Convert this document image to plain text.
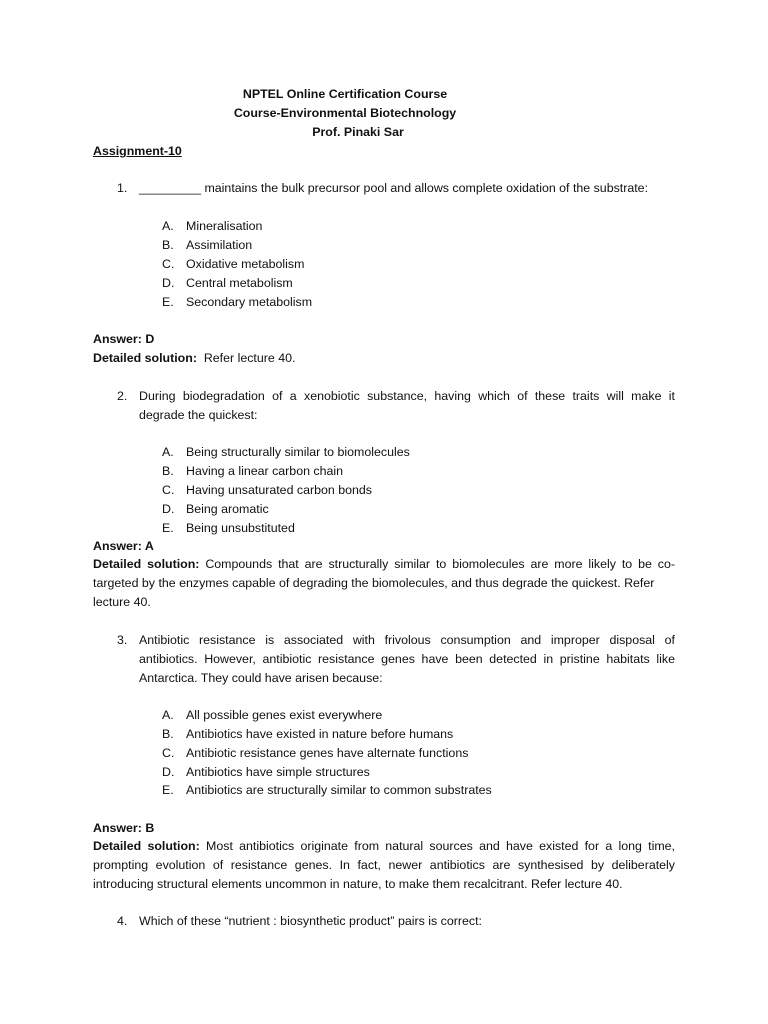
NPTEL Online Certification Course
Course-Environmental Biotechnology
Prof. Pinaki Sar
Assignment-10
1. _________ maintains the bulk precursor pool and allows complete oxidation of the substrate:
A. Mineralisation
B. Assimilation
C. Oxidative metabolism
D. Central metabolism
E. Secondary metabolism
Answer: D
Detailed solution: Refer lecture 40.
2. During biodegradation of a xenobiotic substance, having which of these traits will make it
degrade the quickest:
A. Being structurally similar to biomolecules
B. Having a linear carbon chain
C. Having unsaturated carbon bonds
D. Being aromatic
E. Being unsubstituted
Answer: A
Detailed solution: Compounds that are structurally similar to biomolecules are more likely to be co-
targeted by the enzymes capable of degrading the biomolecules, and thus degrade the quickest. Refer
lecture 40.
3. Antibiotic resistance is associated with frivolous consumption and improper disposal of
antibiotics. However, antibiotic resistance genes have been detected in pristine habitats like
Antarctica. They could have arisen because:
A. All possible genes exist everywhere
B. Antibiotics have existed in nature before humans
C. Antibiotic resistance genes have alternate functions
D. Antibiotics have simple structures
E. Antibiotics are structurally similar to common substrates
Answer: B
Detailed solution: Most antibiotics originate from natural sources and have existed for a long time,
prompting evolution of resistance genes. In fact, newer antibiotics are synthesised by deliberately
introducing structural elements uncommon in nature, to make them recalcitrant. Refer lecture 40.
4. Which of these “nutrient : biosynthetic product” pairs is correct:
